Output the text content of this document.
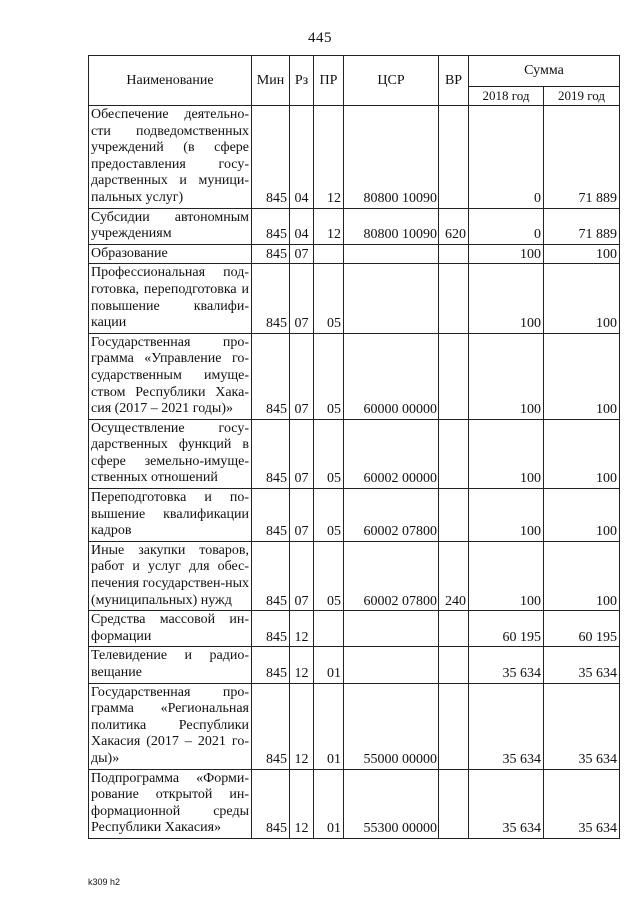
445
Наименование	Мин	Рз	ПР	ЦСР	ВР	Сумма	
						2018 год	2019 год
Обеспечение деятельно-сти подведомственных учреждений (в сфере предоставления госу-дарственных и муници-пальных услуг)	845	04	12	80800 10090		0	71 889
Субсидии автономным учреждениям	845	04	12	80800 10090	620	0	71 889
Образование	845	07				100	100
Профессиональная под-готовка, переподготовка и повышение квалифи-кации	845	07	05			100	100
Государственная про-грамма «Управление го-сударственным имуще-ством Республики Хака-сия (2017 – 2021 годы)»	845	07	05	60000 00000		100	100
Осуществление госу-дарственных функций в сфере земельно-имуще-ственных отношений	845	07	05	60002 00000		100	100
Переподготовка и по-вышение квалификации кадров	845	07	05	60002 07800		100	100
Иные закупки товаров, работ и услуг для обес-печения государствен-ных (муниципальных) нужд	845	07	05	60002 07800	240	100	100
Средства массовой ин-формации	845	12				60 195	60 195
Телевидение и радио-вещание	845	12	01			35 634	35 634
Государственная про-грамма «Региональная политика Республики Хакасия (2017 – 2021 го-ды)»	845	12	01	55000 00000		35 634	35 634
Подпрограмма «Форми-рование открытой ин-формационной среды Республики Хакасия»	845	12	01	55300 00000		35 634	35 634
k309 h2
